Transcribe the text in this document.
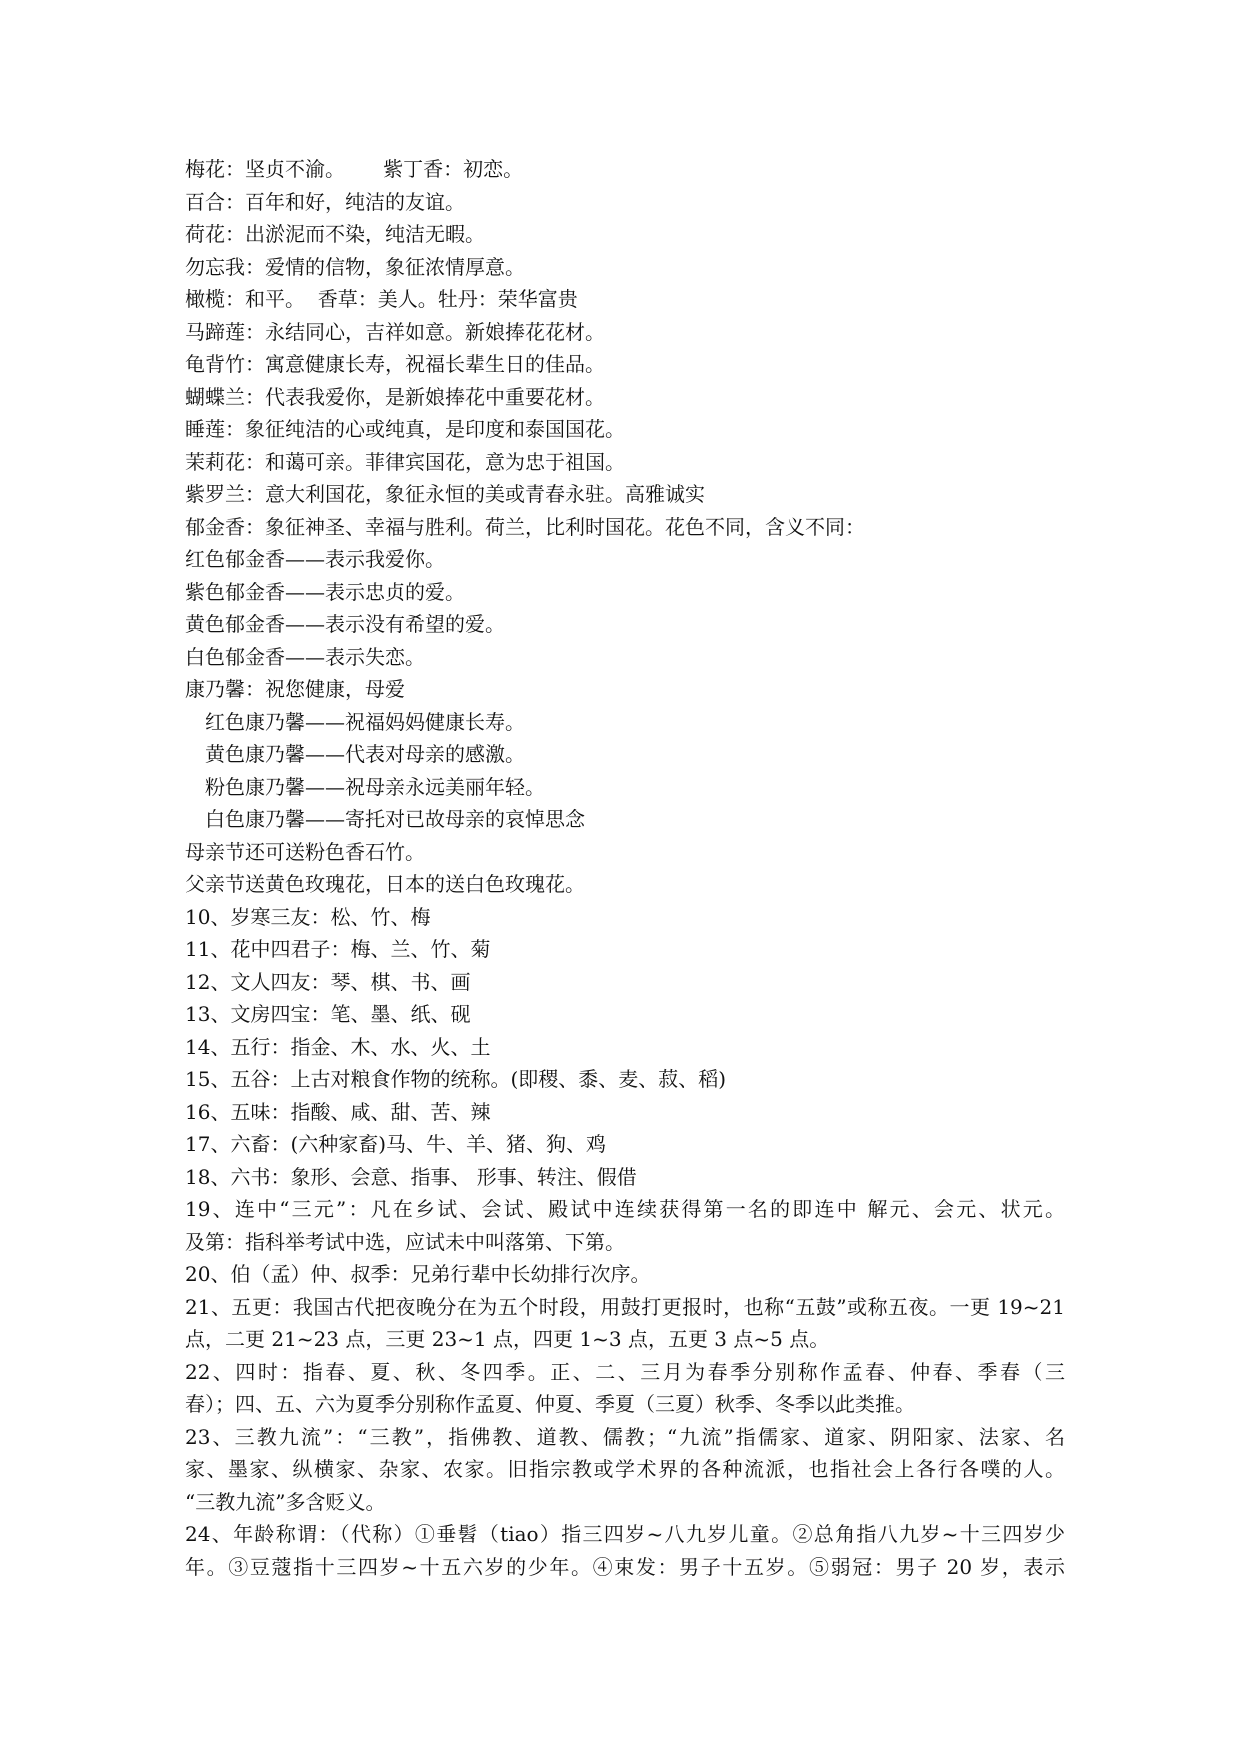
梅花：坚贞不渝。      紫丁香：初恋。
百合：百年和好，纯洁的友谊。
荷花：出淤泥而不染，纯洁无暇。
勿忘我：爱情的信物，象征浓情厚意。
橄榄：和平。  香草：美人。牡丹：荣华富贵
马蹄莲：永结同心，吉祥如意。新娘捧花花材。
龟背竹：寓意健康长寿，祝福长辈生日的佳品。
蝴蝶兰：代表我爱你，是新娘捧花中重要花材。
睡莲：象征纯洁的心或纯真，是印度和泰国国花。
茉莉花：和蔼可亲。菲律宾国花，意为忠于祖国。
紫罗兰：意大利国花，象征永恒的美或青春永驻。高雅诚实
郁金香：象征神圣、幸福与胜利。荷兰，比利时国花。花色不同，含义不同：
红色郁金香——表示我爱你。
紫色郁金香——表示忠贞的爱。
黄色郁金香——表示没有希望的爱。
白色郁金香——表示失恋。
康乃馨：祝您健康，母爱
红色康乃馨——祝福妈妈健康长寿。
黄色康乃馨——代表对母亲的感激。
粉色康乃馨——祝母亲永远美丽年轻。
白色康乃馨——寄托对已故母亲的哀悼思念
母亲节还可送粉色香石竹。
父亲节送黄色玫瑰花，日本的送白色玫瑰花。
10、岁寒三友：松、竹、梅
11、花中四君子：梅、兰、竹、菊
12、文人四友：琴、棋、书、画
13、文房四宝：笔、墨、纸、砚
14、五行：指金、木、水、火、土
15、五谷：上古对粮食作物的统称。(即稷、黍、麦、菽、稻)
16、五味：指酸、咸、甜、苦、辣
17、六畜：(六种家畜)马、牛、羊、猪、狗、鸡
18、六书：象形、会意、指事、 形事、转注、假借
19、连中“三元”：凡在乡试、会试、殿试中连续获得第一名的即连中 解元、会元、状元。
及第：指科举考试中选，应试未中叫落第、下第。
20、伯（孟）仲、叔季：兄弟行辈中长幼排行次序。
21、五更：我国古代把夜晚分在为五个时段，用鼓打更报时，也称“五鼓”或称五夜。一更 19~21
点，二更 21~23 点，三更 23~1 点，四更 1~3 点，五更 3 点~5 点。
22、四时：指春、夏、秋、冬四季。正、二、三月为春季分别称作孟春、仲春、季春（三
春）；四、五、六为夏季分别称作孟夏、仲夏、季夏（三夏）秋季、冬季以此类推。
23、三教九流”：“三教”，指佛教、道教、儒教；“九流”指儒家、道家、阴阳家、法家、名
家、墨家、纵横家、杂家、农家。旧指宗教或学术界的各种流派，也指社会上各行各噗的人。
“三教九流”多含贬义。
24、年龄称谓：（代称）①垂髫（tiao）指三四岁~八九岁儿童。②总角指八九岁~十三四岁少
年。③豆蔻指十三四岁~十五六岁的少年。④束发：男子十五岁。⑤弱冠：男子 20 岁，表示
